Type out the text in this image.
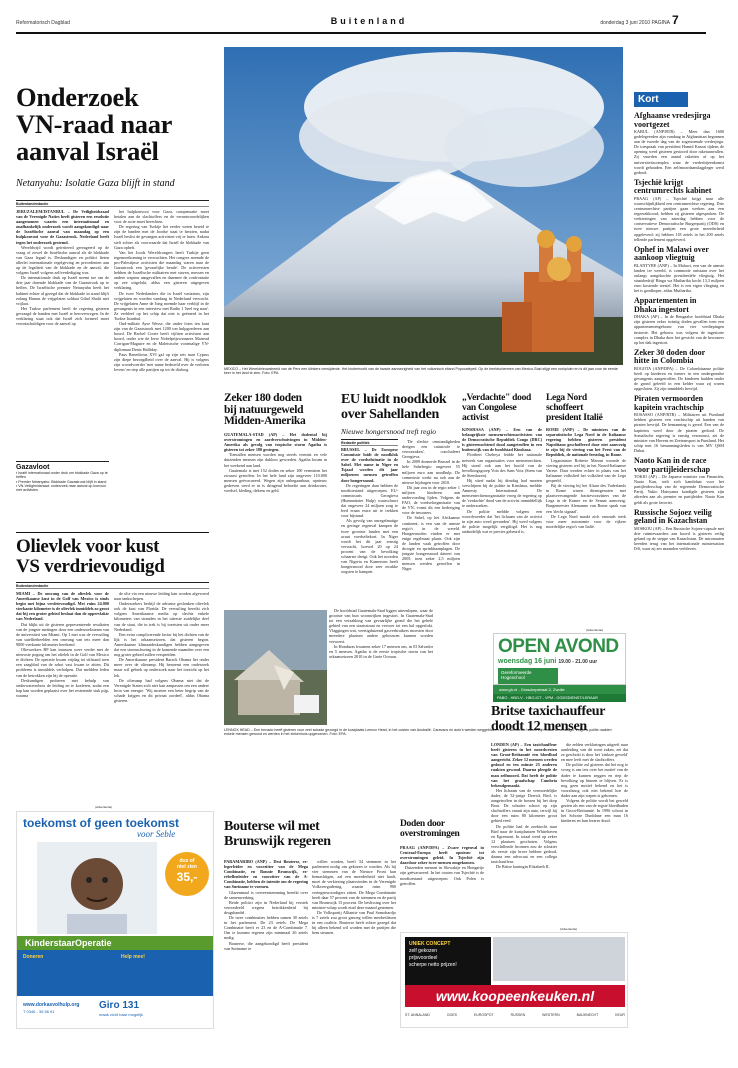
Reformatorisch Dagblad	Buitenland	donderdag 3 juni 2010 PAGINA 7
Onderzoek
VN-raad naar
aanval Israël
Netanyahu: Isolatie Gaza blijft in stand
Buitenlandredactie

JERUZALEM/ISTANBUL – De Veiligheidsraad van de Verenigde Naties heeft gisteren een resolutie aangenomen waarin een internationaal en onafhankelijk onderzoek wordt aangekondigd naar de Israëlische aanval van maandag op een hulpkonvooi voor de Gazastrook. Nederland heeft tegen het onderzoek gestemd.

Wereldwijd wordt geïrriteerd gereageerd op de vraag of zowel de Israëlische aanval als de blokkade van Gaza legaal is. Deskundigen en politici lieten allerlei internationale regelgeving en precedenten aan op de legaliteit van de blokkade en de aanval, die volgens Israël volgens zelfverdediging was.

De internationale druk op Israël neemt toe om de drie jaar durende blokkade van de Gazastrook op te heffen. De Israëlische premier Netanyahu heeft het kabinet echter al gezegd dat de blokkade in stand blijft zolang Hamas de vrijgelaten soldaat Gilad Shalit niet vrijlaat.

Het Turkse parlement heeft de regering gisteren gevraagd de banden met Israël te heroverwegen. In de verklaring staat ook dat Israël zich formeel moet verontschuldigen voor de aanval op

Gazavloot
▪ Israël internationaal onder druk om blokkade Gaza op te heffen
▪ Premier Netanyahu: Blokkade Gazastrook blijft in stand
▪ VN-Veiligheidsraad: onderzoek naar aanval op konvooi met activisten

het hulpkonvooi voor Gaza, compensatie moet betalen aan de slachtoffers en de verantwoordelijken voor de actie moet berechten.

De regering van Turkije liet eerder weten bereid te zijn de banden met de Joodse staat te herzien, nadat Israël beslist de gevangen activisten vrij te laten. Ankara stelt echter als voorwaarde dat Israël de blokkade van Gaza opheft.

Van het Joods Wereldcongres heeft Turkije geen tegemoetkoming te verwachten. Het congres noemde de pro-Palestijnse activisten die maandag waren naar de Gazastrook een 'gevaarlijke bende'. De activeersten hebben de Israëlische militairen met staven, messen en andere wapens aangevallen en daarmee de confrontatie op zee uitgelokt, aldus een gisteren uitgegeven verklaring.

De twee Nederlanders die in Israël vastzaten, zijn vrijgelaten en worden vandaag in Nederland verwacht. De vrijgelaten Anne de Jong noemde haar verblijf in de gevangenis in een interview met Radio 1 'heel erg naar'. Ze verbleef op het schip dat niet is geënterd in het Turkse Istanbul.

Oud-militair Ayse Wesse, die onder fotos ten kant zijn van de Gazastrook met 1200 ton hulpgoederen aan boord. De Rachel Corrie heeft vijftien activisten aan boord, onder wie de Ierse Nobelprijswinnares Mairead Corrigan-Maguire en de Maleisische voormalige VN-diplomaat Denis Halliday.

Paus Benedictus XVI gaf op zijn reis naar Cyprus zijn diepe bezorgdheid over de aanval. Hij is volgens zijn woordvoerder 'met name bedroefd over de verloren levens' en riep alle partijen op tot de dialoog.

Olievlek voor kust
VS verdrievoudigd
Buitenlandredactie

MIAMI – De omvang van de olievlek voor de Amerikaanse kust in de Golf van Mexico is sinds begin mei bijna verdrievoudigd. Met ruim 24.000 vierkante kilometer is de olievlek inmiddels zo groot dat hij een groter gebied beslaat dan de oppervlakte van Nederland.

Dat blijkt uit de gisteren gepresenteerde resultaten van de jongste metingen door een onderzoeksteam van de universiteit van Miami. Op 1 mei was de vervuiling van satellietbeelden een omvang van iets meer dan 9000 vierkante kilometer berekend.

Oliewerkers BP kan intussen weer verder met de nieuwste poging om het olielek in de Golf van Mexico te dichten. De operatie kwam vrijdag tot stilstand toen een zaagblad van de robot vast kwam te zitten. Dit probleem is inmiddels verholpen. Dat meldden leden van de betrokken zijn bij de operatie.

Deskundigen proberen met behulp van onderwaterrobots de leiding en te koeleren, zodat een kap kan worden geplaatst over het resterende stuk pijp, waarna

de olie via een nieuwe leiding kan worden afgevoerd naar tankschepen.

Onderzoekers bedrijf de advanse geslonken olievlek ook de kust van Florida. De vervuiling bereikt zich volgens Amerikaanse media op slechts enkele kilometers van stranden in het uiterste zuidelijke deel van de staat, die in trek is bij toeristen uit onder meer Nederland.

Een extra complicerende factor bij het dichten van de lijk is het orkaanseizoen, dat gisteren begon. Amerikaanse klimaatdeskundigen hebben aangegeven dat een stormschuring in de komende maanden over een nog groter gebied zullen verspreiden.

De Amerikaanse president Barack Obama liet onder meer over de olieramp. Hij benoemt een onderzoek maar wil gebrek op onderzoek naar het toezicht op het lek.

De olieramp had volgens Obama niet dat de Verenigde Staten zich niet kan aanpassen om een andere bron van energie. 'Wij moeten een beter begrip van de schade krijgen en dit privaat oordeel', aldus Obama gisteren.

MEXICO – Het Wereldnieuwsbeeld van de Pers een klinkers verwijderde. Het kinderhoofd van de kwade aanwezigheid van het vulkanisch eiland Popocatépetl. Op de beeldschermen van Mexico-Stad stijgt een rookpluim en is dit jaar voor de eerste keer in het land te zien. Foto: EPA.
Zeker 180 doden
bij natuurgeweld
Midden-Amerika

GUATEMALA-STAD (AP) – Het dodental bij overstromingen en aardverschuivingen in Midden-Amerika als gevolg van tropische storm Agatha is gisteren tot zeker 180 gestegen.

Tientallen mensen worden nog steeds vermist en vele duizenden mensen zijn dakloos geworden. Agatha kwam in het weekend aan land.

Guatemala is met 152 doden en zeker 100 vermisten het zwaarst getroffen. In het hele land zijn ongeveer 110.000 mensen geëvacueerd. Wegen zijn onbegaanbaar, opnieuw gedreven werd er in is dringend behoefte aan drinkwater, voedsel, kleding, dekens en geld.

De hoofdstad Guatemala-Stad liggen uiteenlopen, waar de grootste van hun woonwijken ingestort. In Guatemala-Stad tot een verzakking van gevaarlijke grond die het gehele gebied van een staatsstraat en vervoer tot een hal opgeslokt. Vlaggingen wat, veertigduizend gasverbruikers moesten door meerdere plaatsen andere gebouwen kunnen worden verwoest.

In Honduras kwamen zeker 17 mensen om, in El Salvador en 5 mensen. Agatha is de eerste tropische storm van het orkaanseizoen 2010 in de Grote Oceaan.

LENNOX HEAD – Een tornado heeft gisteren voor veel schade gezorgd in de kustplaats Lennox Head, in het oosten van Australië. Caravans en auto's werden weggeblazen en verschillende huizen zijn zwaar beschadigd. Volgens politie raakten enkele mensen gewond en werden in het ziekenhuis opgenomen. Foto: EPA.
EU luidt noodklok
over Sahellanden
Nieuwe hongersnood treft regio
Redactie politiek

BRUSSEL – De Europese Commissie luidt de noodklok over de voedselsituatie in de Sahel. Met name in Niger en Tsjaad worden dit jaar miljoenen mensen getroffen door hongersnood.

De regeringen daar hebben de noodtoestand uitgeroepen. EU-commissaris Georgieva (Humanitaire Hulp) waarschuwt dat ongeveer 24 miljoen zorg te leed eraan extra uit te trekken voor bijstand.

Als gevolg van onregelmatige en geringe regenval kampen de twee grootste landen met een acuut voedseltekort. In Niger wordt het dit jaar ernstig verwacht, hoewel 20 op 24 procent van de bevolking schaarste dreigt. Ook het noorden van Nigeria en Kameroen heeft hongersnood door zeer zwakke oogsten te kampen.

'De slechte omstandigheden dreigen een catastrofe te veroorzaken', concludeert Georgieva.

In 2009 doneerde Brussel in de hele Sahelregio ongeveer 55 miljoen euro aan noodhulp. De commissie werkt nu ook aan de nieuwe bijdragen voor 2010.

Dit jaar zou in de regio zeker 1 miljoen kinderen aan ondervoeding lijden. Volgens de FAO, de voedselorganisatie van de VN, vormt dit een bedreiging voor de inwoners.

De Sahel, op het Afrikaanse continent, is een van de armste regio's in de wereld. Hongersnoden vinden er met enige regelmaat plaats. Ook zijn de landen vaak getroffen door droogte en sprinkhaanplagen. De jongste hongersnood dateert van 2005, toen zeker 2,5 miljoen mensen werden getroffen in Niger.

„Verdachte" dood
van Congolese
activist

KINSHASA (ANP) – Een van de belangrijkste mensenrechtenactivisten van de Democratische Republiek Congo (DRC) is gisterenochtend dood aangetroffen in een buitenwijk van de hoofdstad Kinshasa.

Floribert Chebeya leidde het nationale netwerk van organisaties voor mensenrechten. Hij stond ook aan het hoofd van de bevolkingsgroep Voix des Sans Voix (Stem van de Stemlozen).

Hij stierf nadat hij dinsdag had moeten verschijnen bij de politie in Kinshasa, meldde Amnesty International. De mensenrechtenorganisatie vroeg de regering op de 'verdachte' dood van de activist onmiddellijk te onderzoeken.

De politie meldde volgens een woordvoerder dat 'het lichaam van de activist in zijn auto werd gevonden'. Hij werd volgens de politie mogelijk vergiftigd. Het is nog onduidelijk wat er precies gebeurd is.

Lega Nord
schoffeert
president Italië

ROME (ANP) – De ministers van de separatistische Lega Nord in de Italiaanse regering hebben gisteren president Napolitano geschoffeerd door niet aanwezig te zijn bij de viering van het Feest van de Republiek, de nationale feestdag, in Rome.

Leganinister Roberto Maroni woonde de viering gisteren wel bij in het Noord-Italiaanse Varese. Daar werden echter in plaats van het Italiaanse volkslied het volkslied van de Lega gespeeld.

Bij de viering bij het Altaar des Vaderlands in Rome waren dienstgenoten met plaatsvervangende fractievoorzitters van de Lega in de Kamer en de Senaat aanwezig. Burgemeester Alemanno van Rome sprak van een 'slecht signaal'.

De Lega Nord maakt zich vanouds sterk voor meer autonomie voor de rijkere noordelijke regio's van Italië.

(Advertentie)
OPEN AVOND
woensdag 16 juni 19.00 - 21.00 uur
Gereformeerde
Hogeschool
www.gh.nl - Grasdorpstraat 2, Zwolle
PABO - HBO-V - HBO-ICT - VPM - GODSDIENST/LERAAR
Britse taxichauffeur
doodt 12 mensen

LONDEN (AP) – Een taxichauffeur heeft gisteren in het noordwesten van Groot-Brittannië een bloedbad aangericht. Zeker 12 mensen werden gedood en ten minste 25 anderen raakten gewond. Daarna pleegde de man zelfmoord. Dat heeft de politie van het graafschap Cumbria bekendgemaakt.

Het lichaam van de vermoedelijke dader, de 52-jarige Derrick Bird, is aangetroffen in de bossen bij het dorp Boot. De schutter schoot op zijn slachtoffers vanuit zijn auto, terwijl hij door een ruim 80 kilometer groot gebied reed.

De politie had de zoektocht naar Bird naar de kustplaatsen Whitehaven en Egremont. In totaal werd op zeker 12 plaatsen geschoten. Volgens verschillende bronnen zou de schutter als eerste zijn broer hebben gedood, daarna een advocaat en een collega taxichauffeur.

De Britse koningin Elizabeth II,

die zelden verklaringen uitgeeft naar aanleiding van dit soort zaken, zei dat ze geschokt is door het 'zinloze geweld' en mee leeft met de slachtoffers.

De politie zal gisteren dat het nog te vroeg is om iets over het motief van de dader te kunnen zeggen en riep de bevolking op binnen te blijven. Er is nog geen motief bekend en het is vooralsnog ook niet bekend hoe de dader aan zijn wapen is gekomen.

Volgens de politie wordt het geweld gezien als een van de ergste bloedbaden in Groot-Brittannië. In 1996 schoot in het Schotse Dunblane een man 16 kinderen en hun lerares dood.

(Advertentie)
toekomst of geen toekomst
voor Seble
dus of
niet zien
35,-
KinderstaarOperatie
Doneren	Help mee!
www.dorkasvolhulp.org
T 0346 - 35 56 91
Giro 131
maak zicht baar mogelijk
Bouterse wil met
Brunswijk regeren

PARAMARIBO (ANP) – Desi Bouterse, ex-legerleider en voorzitter van de Mega Combinatie, en Ronnie Brunswijk, ex-rebellenleider en voorzitter van de A-Combinatie, hebben de intentie om de regering van Suriname te vormen.

Glazenmaal is overeenstemming bereikt over de samenwerking.

Beide politici zijn in Nederland bij verstek veroordeeld wegens betrokkenheid bij drugshandel.

De twee combinaties hebben samen 30 zetels in het parlement. De 23 zetels. De Mega Combinatie heeft er 23 en de A-Combinatie 7. Om te kunnen regeren zijn minimaal 26 zetels nodig.

Bouterse, die aangekondigd heeft president van Suriname te

willen worden, heeft 34 stemmen in het parlement nodig om gekozen te worden. Als hij vier stemmen van de Nieuwe Front kan bemachtigen, zal een meerderheid niet haalt, moet de verkiezing plaatsvinden in de Verenigde Volksvergadering, waarin ruim 900 vertegenwoordigers zitten. De Mega Combinatie heeft daar 57 procent van de stemmen en de partij van Brunswijk 15 procent. De beslissing over het minister-schap wordt eind deze maand genomen.

De Volkspartij Alliantie van Paul Somohardjo is 7 zetels zou groot genoeg willen meebeslissen in een coalitie. Bouterse heeft echter gezegd dat hij alleen bekend wil worden met de partijen die hem steunen.

Doden door
overstromingen

PRAAG (ANP/DPA) – Zware regenval in Centraal-Europa heeft opnieuw tot overstromingen geleid. In Tsjechië zijn daardoor zeker twee mensen omgekomen.

Duizenden mensen in Slowakije en Hongarije zijn geëvacueerd. In het oosten van Tsjechië is de noodtoestand uitgeroepen. Ook Polen is getroffen.

(Advertentie)
UNIEK CONCEPT
zelf gekozen
prijsvoordeel
scherpe netto prijzen!
www.koopeenkeuken.nl
ST. ANNALAND	GOES	EUROSPOT	RUSSEN	WESTERN	BAUKNECHT	KEUR
Kort
Afghaanse vredesjirga
voortgezet
KABUL (ANP/RTR) – Meer dan 1600 gedelegeerden zijn vandaag in Afghanistan begonnen aan de tweede dag van de zogenoemde vredesjirga. De toespraak van president Hamid Karzai tijdens de opening werd gisteren gestoord door raketaanvallen. Zij vuurden een aantal raketten af op het universiteitscomplex waar de vredesbijeenkomst wordt gehouden. Een zelfmoordaanslagpleger werd gedood.
Tsjechië krijgt
centrumrechts kabinet
PRAAG (AP) – Tsjechië krijgt naar alle waarschijnlijkheid een centrumrechtse regering. Drie centrumrechtse partijen gaan werken aan een regeerakkoord, hebben zij gisteren afgesproken. De verkiezingen van zaterdag hebben voor de conservatieve Democratische Burgerpartij (ODS) en twee nieuwe partijen een grote meerderheid opgeleverd: zij hebben 118 zetels in het 200 zetels tellende parlement opgeleverd.
Ophef in Malawi over
aankoop vliegtuig
BLANTYRE (ANP) – In Malawi, een van de armste landen ter wereld, is commotie ontstaan over het onlangs aangekochte presidentiële vliegtuig. Het staatsbedrijf Bingu wa Mutharika kocht 13,3 miljoen euro kostende toestel. Het is een eigen vliegtuig en het is goedkoper, aldus Mutharika.
Appartementen in
Dhaka ingestort
DHAKA (AP) – In de Bengaalse hoofdstad Dhaka zijn gisteren zeker twintig doden gevallen toen een appartementengebouw van vier verdiepingen instortte. Het gebouw was volgens de ingestorte complex in Dhaka door het gewicht van de bewoners op het dak ingestort.
Zeker 30 doden door
hitte in Colombia
BOGOTA (ANP/DPA) – De Colombiaanse politie heeft op kinderen en tieners in een ondergrondse gevangenis aangetroffen. De kinderen hadden onder de grond geleefd in een kelder waar zij waren opgesloten. Zij zijn inmiddels bevrijd.
Piraten vermoorden
kapitein vrachtschip
BOSASSO (ANP/RTR) – Militairen uit Puntland hebben gisteren een vrachtschip uit handen van piraten bevrijd. De bemanning is gered. Een van de kapiteins werd door de piraten gedood. De Somalische regering is ernstig verontrust, zei de minister van Havens en Zeetransport in Puntland. Het schip met 16 bemanningsleden is van MV QSM Dubai.
Naoto Kan in de race
voor partijleiderschap
TOKIO (AP) – De Japanse minister van Financiën, Naoto Kan, stelt zich kandidaat voor het partijleiderschap van de regerende Democratische Partij. Yukio Hatoyama kondigde gisteren zijn aftreden aan als premier en partijleider. Naoto Kan geldt als grote favoriet.
Russische Sojoez veilig
geland in Kazachstan
MOSKOU (AP) – Een Russische Sojoez-capsule met drie ruimtevaarders aan boord is gisteren veilig geland op de steppe van Kazachstan. De astronauten keerden terug van het internationale ruimtestation ISS, waar zij zes maanden verbleven.
